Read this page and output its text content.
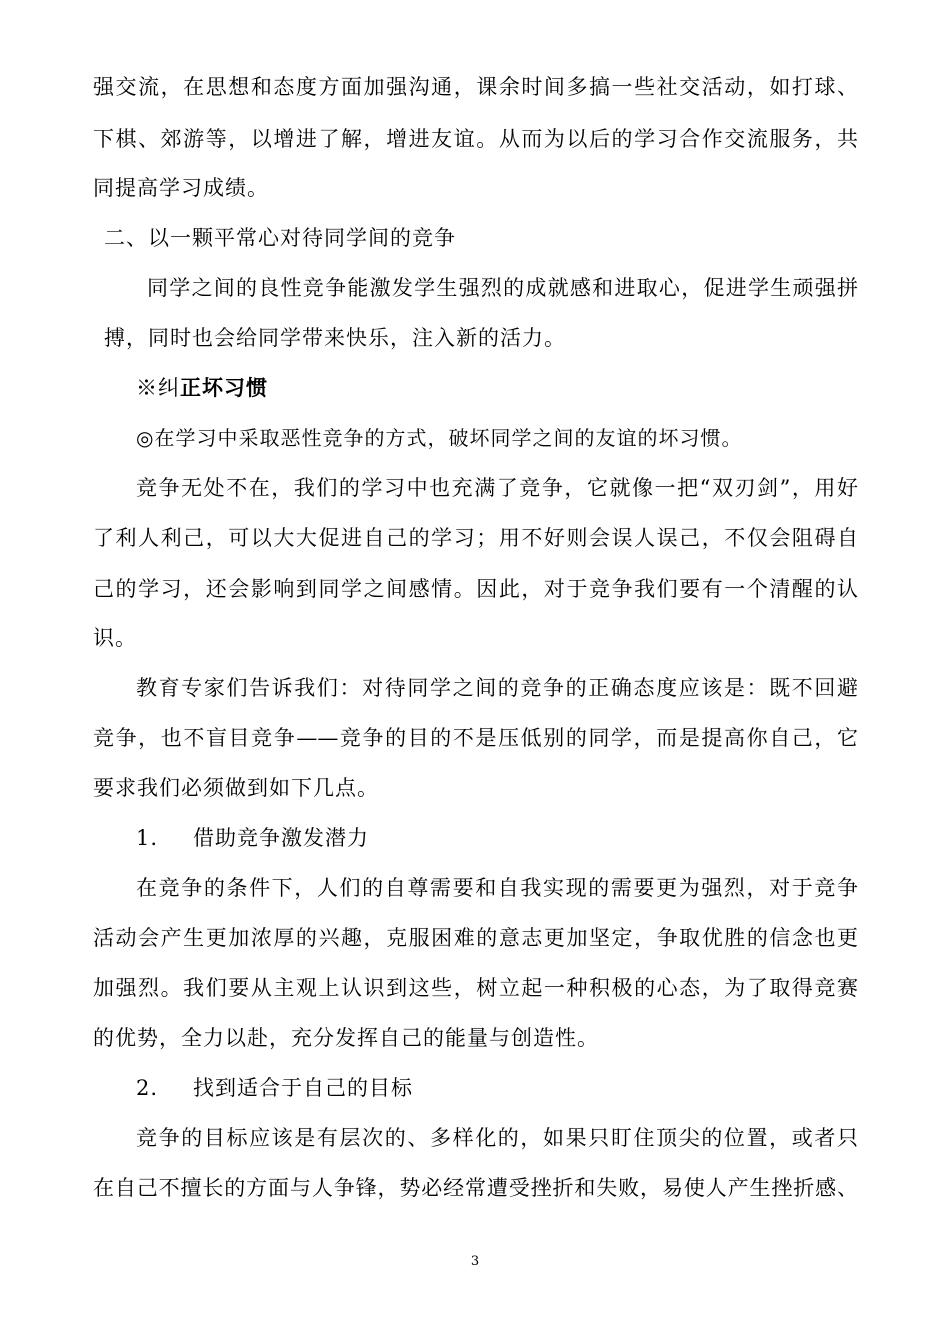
强交流，在思想和态度方面加强沟通，课余时间多搞一些社交活动，如打球、
下棋、郊游等，以增进了解，增进友谊。从而为以后的学习合作交流服务，共
同提高学习成绩。
二、以一颗平常心对待同学间的竞争
同学之间的良性竞争能激发学生强烈的成就感和进取心，促进学生顽强拼
搏，同时也会给同学带来快乐，注入新的活力。
※纠正坏习惯
◎在学习中采取恶性竞争的方式，破坏同学之间的友谊的坏习惯。
竞争无处不在，我们的学习中也充满了竞争，它就像一把“双刃剑”，用好
了利人利己，可以大大促进自己的学习；用不好则会误人误己，不仅会阻碍自
己的学习，还会影响到同学之间感情。因此，对于竞争我们要有一个清醒的认
识。
教育专家们告诉我们：对待同学之间的竞争的正确态度应该是：既不回避
竞争，也不盲目竞争——竞争的目的不是压低别的同学，而是提高你自己，它
要求我们必须做到如下几点。
1. 借助竞争激发潜力
在竞争的条件下，人们的自尊需要和自我实现的需要更为强烈，对于竞争
活动会产生更加浓厚的兴趣，克服困难的意志更加坚定，争取优胜的信念也更
加强烈。我们要从主观上认识到这些，树立起一种积极的心态，为了取得竞赛
的优势，全力以赴，充分发挥自己的能量与创造性。
2. 找到适合于自己的目标
竞争的目标应该是有层次的、多样化的，如果只盯住顶尖的位置，或者只
在自己不擅长的方面与人争锋，势必经常遭受挫折和失败，易使人产生挫折感、
3
